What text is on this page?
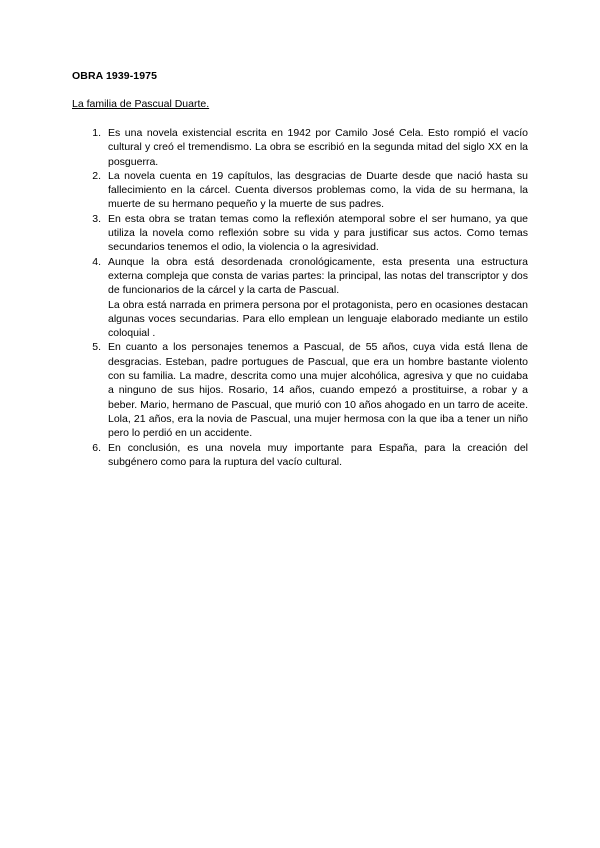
OBRA 1939-1975
La familia de Pascual Duarte.
1. Es una novela existencial escrita en 1942 por Camilo José Cela. Esto rompió el vacío cultural y creó el tremendismo. La obra se escribió en la segunda mitad del siglo XX en la posguerra.

2. La novela cuenta en 19 capítulos, las desgracias de Duarte desde que nació hasta su fallecimiento en la cárcel. Cuenta diversos problemas como, la vida de su hermana, la muerte de su hermano pequeño y la muerte de sus padres.

3. En esta obra se tratan temas como la reflexión atemporal sobre el ser humano, ya que utiliza la novela como reflexión sobre su vida y para justificar sus actos. Como temas secundarios tenemos el odio, la violencia o la agresividad.

4. Aunque la obra está desordenada cronológicamente, esta presenta una estructura externa compleja que consta de varias partes: la principal, las notas del transcriptor y dos de funcionarios de la cárcel y la carta de Pascual.

La obra está narrada en primera persona por el protagonista, pero en ocasiones destacan algunas voces secundarias. Para ello emplean un lenguaje elaborado mediante un estilo coloquial .

5. En cuanto a los personajes tenemos a Pascual, de 55 años, cuya vida está llena de desgracias. Esteban, padre portugues de Pascual, que era un hombre bastante violento con su familia. La madre, descrita como una mujer alcohólica, agresiva y que no cuidaba a ninguno de sus hijos. Rosario, 14 años, cuando empezó a prostituirse, a robar y a beber. Mario, hermano de Pascual, que murió con 10 años ahogado en un tarro de aceite. Lola, 21 años, era la novia de Pascual, una mujer hermosa con la que iba a tener un niño pero lo perdió en un accidente.

6. En conclusión, es una novela muy importante para España, para la creación del subgénero como para la ruptura del vacío cultural.
